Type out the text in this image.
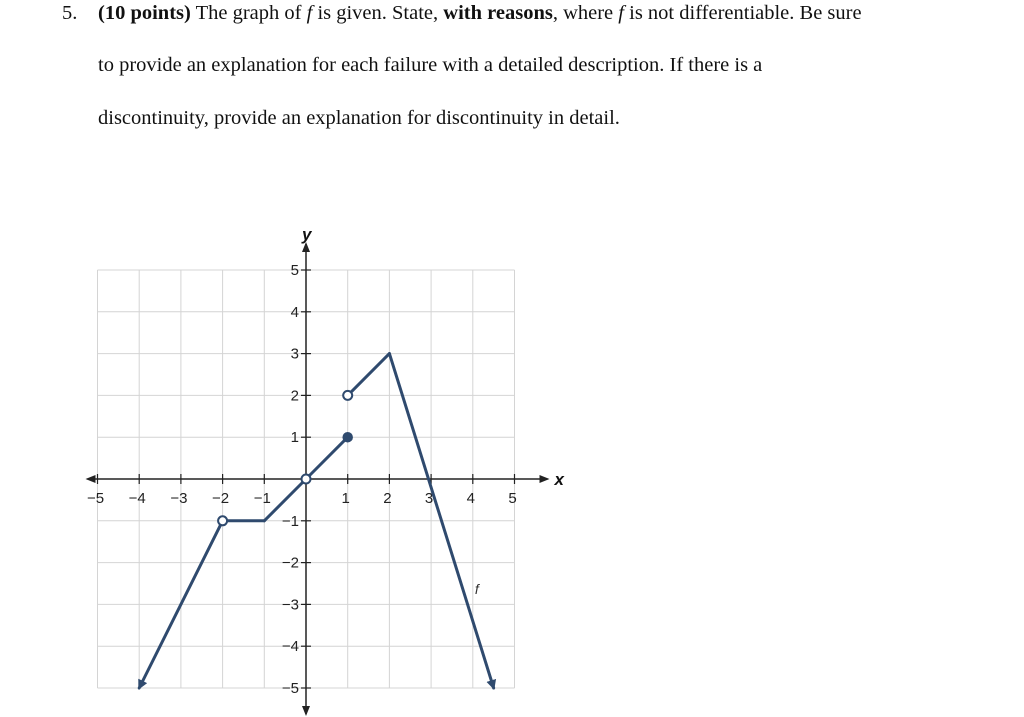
5. (10 points) The graph of f is given. State, with reasons, where f is not differentiable. Be sure
to provide an explanation for each failure with a detailed description. If there is a
discontinuity, provide an explanation for discontinuity in detail.
−5 −4 −3 −2 −1	1 2 3 4 5
5
4
3
2
1
−1
−2
−3
−4
−5
x
y
f
